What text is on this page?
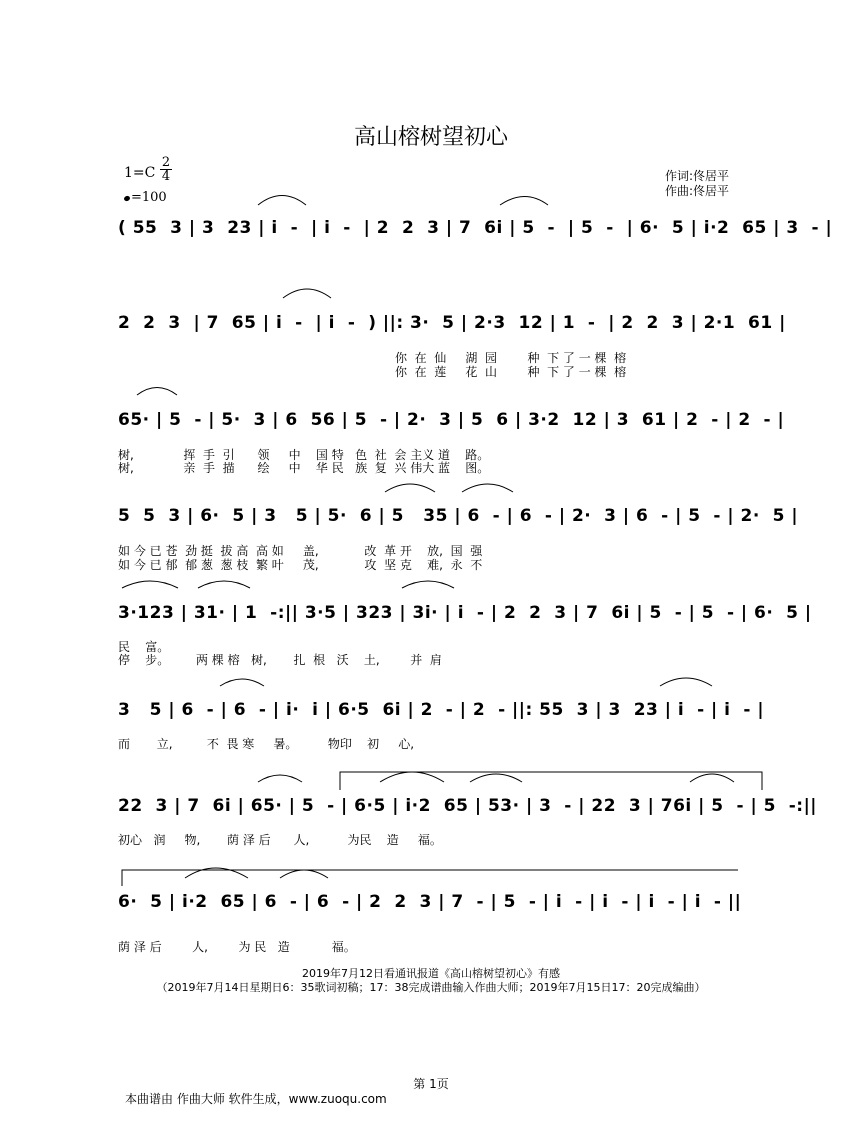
高山榕树望初心
1=C
2
4
=100
作词:佟居平
作曲:佟居平
( 55  3 | 3  23 | i  -  | i  -  | 2  2  3 | 7  6i | 5  -  | 5  -  | 6·  5 | i·2  65 | 3  - |
2  2  3  | 7  65 | i  -  | i  -  ) ||: 3·  5 | 2·3  12 | 1  -  | 2  2  3 | 2·1  61 |
你  在  仙     湖  园        种  下 了 一 棵  榕
你  在  莲     花  山        种  下 了 一 棵  榕
65· | 5  - | 5·  3 | 6  56 | 5  - | 2·  3 | 5  6 | 3·2  12 | 3  61 | 2  - | 2  - |
树,             挥  手  引      领     中    国 特   色  社  会 主义 道    路。
树,             亲  手  描      绘     中    华 民   族  复  兴 伟大 蓝    图。
5  5  3 | 6·  5 | 3   5 | 5·  6 | 5   35 | 6  - | 6  - | 2·  3 | 6  - | 5  - | 2·  5 |
如 今 已 苍  劲 挺  拔 高  高 如     盖,            改  革 开    放,  国  强
如 今 已 郁  郁 葱  葱 枝  繁 叶     茂,            攻  坚 克    难,  永  不
3·123 | 31· | 1  -:|| 3·5 | 323 | 3i· | i  - | 2  2  3 | 7  6i | 5  - | 5  - | 6·  5 |
民    富。
停    步。       两 棵 榕   树,       扎  根   沃    土,        并  肩
3   5 | 6  - | 6  - | i·  i | 6·5  6i | 2  - | 2  - ||: 55  3 | 3  23 | i  - | i  - |
而       立,         不  畏 寒     暑。        物印    初     心,
22  3 | 7  6i | 65· | 5  - | 6·5 | i·2  65 | 53· | 3  - | 22  3 | 76i | 5  - | 5  -:||
初心   润     物,       荫 泽 后      人,          为民    造     福。
6·  5 | i·2  65 | 6  - | 6  - | 2  2  3 | 7  - | 5  - | i  - | i  - | i  - | i  - ||
荫 泽 后        人,        为 民   造           福。
2019年7月12日看通讯报道《高山榕树望初心》有感
（2019年7月14日星期日6：35歌词初稿；17：38完成谱曲输入作曲大师；2019年7月15日17：20完成编曲）
第 1页
本曲谱由 作曲大师 软件生成，www.zuoqu.com
